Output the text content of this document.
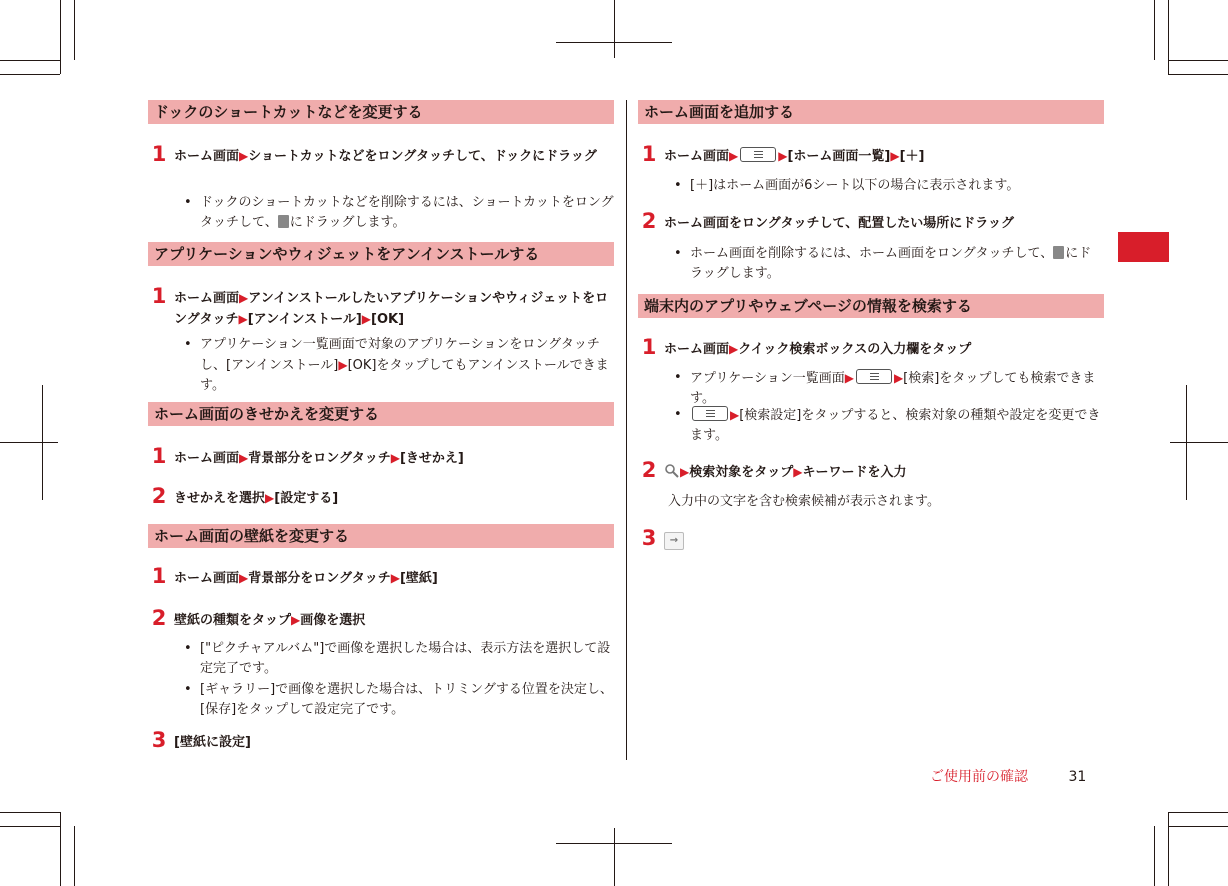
ドックのショートカットなどを変更する
1 ホーム画面▶ショートカットなどをロングタッチして、ドックにドラッグ
• ドックのショートカットなどを削除するには、ショートカットをロングタッチして、 にドラッグします。
アプリケーションやウィジェットをアンインストールする
1 ホーム画面▶アンインストールしたいアプリケーションやウィジェットをロングタッチ▶[アンインストール]▶[OK]
• アプリケーション一覧画面で対象のアプリケーションをロングタッチし、[アンインストール]▶[OK]をタップしてもアンインストールできます。
ホーム画面のきせかえを変更する
1 ホーム画面▶背景部分をロングタッチ▶[きせかえ]
2 きせかえを選択▶[設定する]
ホーム画面の壁紙を変更する
1 ホーム画面▶背景部分をロングタッチ▶[壁紙]
2 壁紙の種類をタップ▶画像を選択
• ["ピクチャアルバム"]で画像を選択した場合は、表示方法を選択して設定完了です。
• [ギャラリー]で画像を選択した場合は、トリミングする位置を決定し、[保存]をタップして設定完了です。
3 [壁紙に設定]
ホーム画面を追加する
1 ホーム画面▶	▶[ホーム画面一覧]▶[＋]
• [＋]はホーム画面が6シート以下の場合に表示されます。
2 ホーム画面をロングタッチして、配置したい場所にドラッグ
• ホーム画面を削除するには、ホーム画面をロングタッチして、 にドラッグします。
端末内のアプリやウェブページの情報を検索する
1 ホーム画面▶クイック検索ボックスの入力欄をタップ
• アプリケーション一覧画面▶	▶[検索]をタップしても検索できます。
•	▶[検索設定]をタップすると、検索対象の種類や設定を変更できます。
2	▶検索対象をタップ▶キーワードを入力
入力中の文字を含む検索候補が表示されます。
3	→
ご使用前の確認	31
